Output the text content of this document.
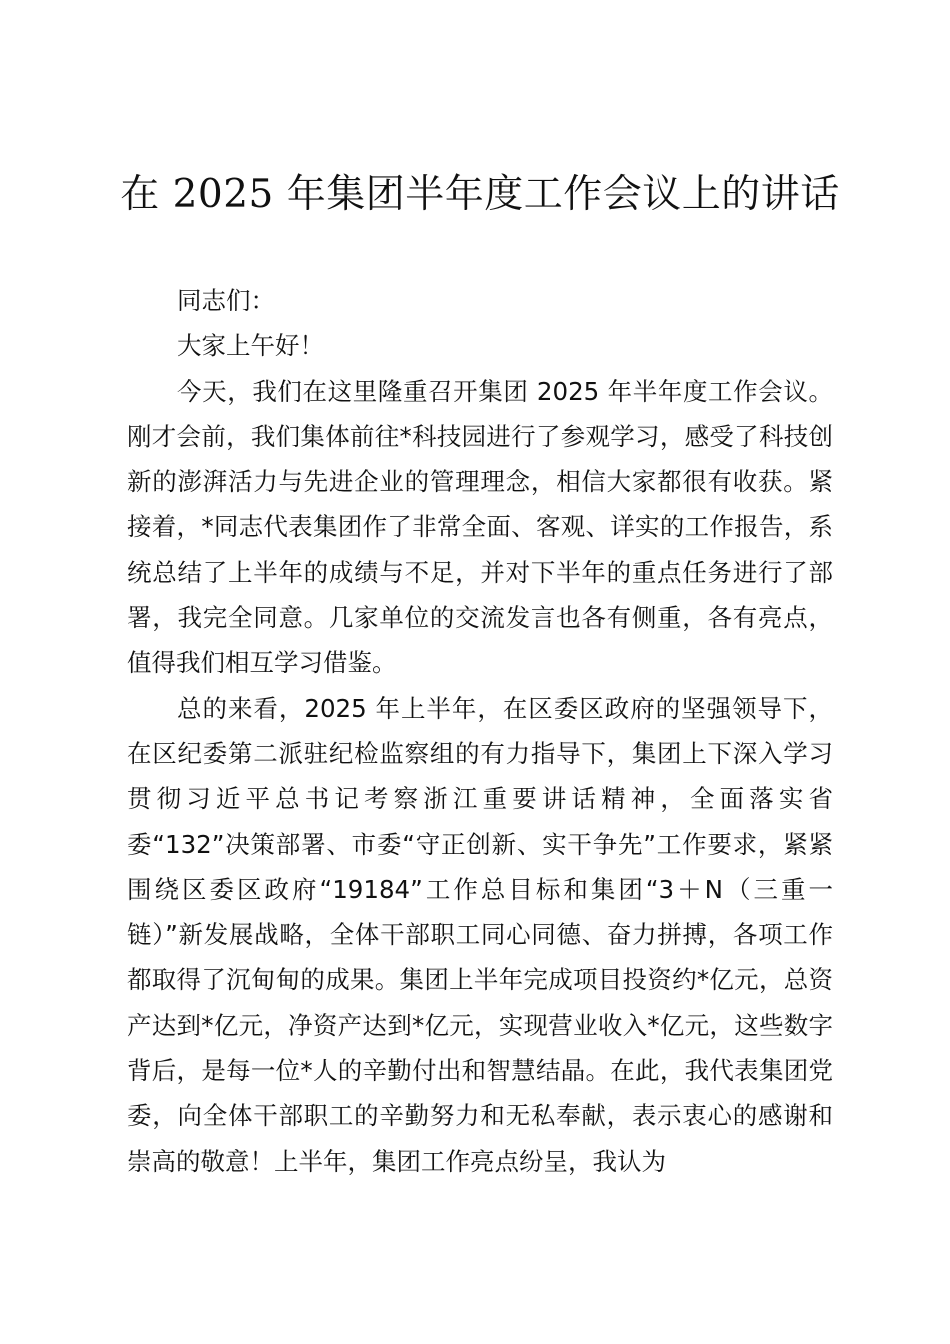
在 2025 年集团半年度工作会议上的讲话

同志们：

大家上午好！

今天，我们在这里隆重召开集团 2025 年半年度工作会议。刚才会前，我们集体前往*科技园进行了参观学习，感受了科技创新的澎湃活力与先进企业的管理理念，相信大家都很有收获。紧接着，*同志代表集团作了非常全面、客观、详实的工作报告，系统总结了上半年的成绩与不足，并对下半年的重点任务进行了部署，我完全同意。几家单位的交流发言也各有侧重，各有亮点，值得我们相互学习借鉴。

总的来看，2025 年上半年，在区委区政府的坚强领导下，在区纪委第二派驻纪检监察组的有力指导下，集团上下深入学习贯彻习近平总书记考察浙江重要讲话精神，全面落实省委“132”决策部署、市委“守正创新、实干争先”工作要求，紧紧围绕区委区政府“19184”工作总目标和集团“3＋N（三重一链）”新发展战略，全体干部职工同心同德、奋力拼搏，各项工作都取得了沉甸甸的成果。集团上半年完成项目投资约*亿元，总资产达到*亿元，净资产达到*亿元，实现营业收入*亿元，这些数字背后，是每一位*人的辛勤付出和智慧结晶。在此，我代表集团党委，向全体干部职工的辛勤努力和无私奉献，表示衷心的感谢和崇高的敬意！上半年，集团工作亮点纷呈，我认为
